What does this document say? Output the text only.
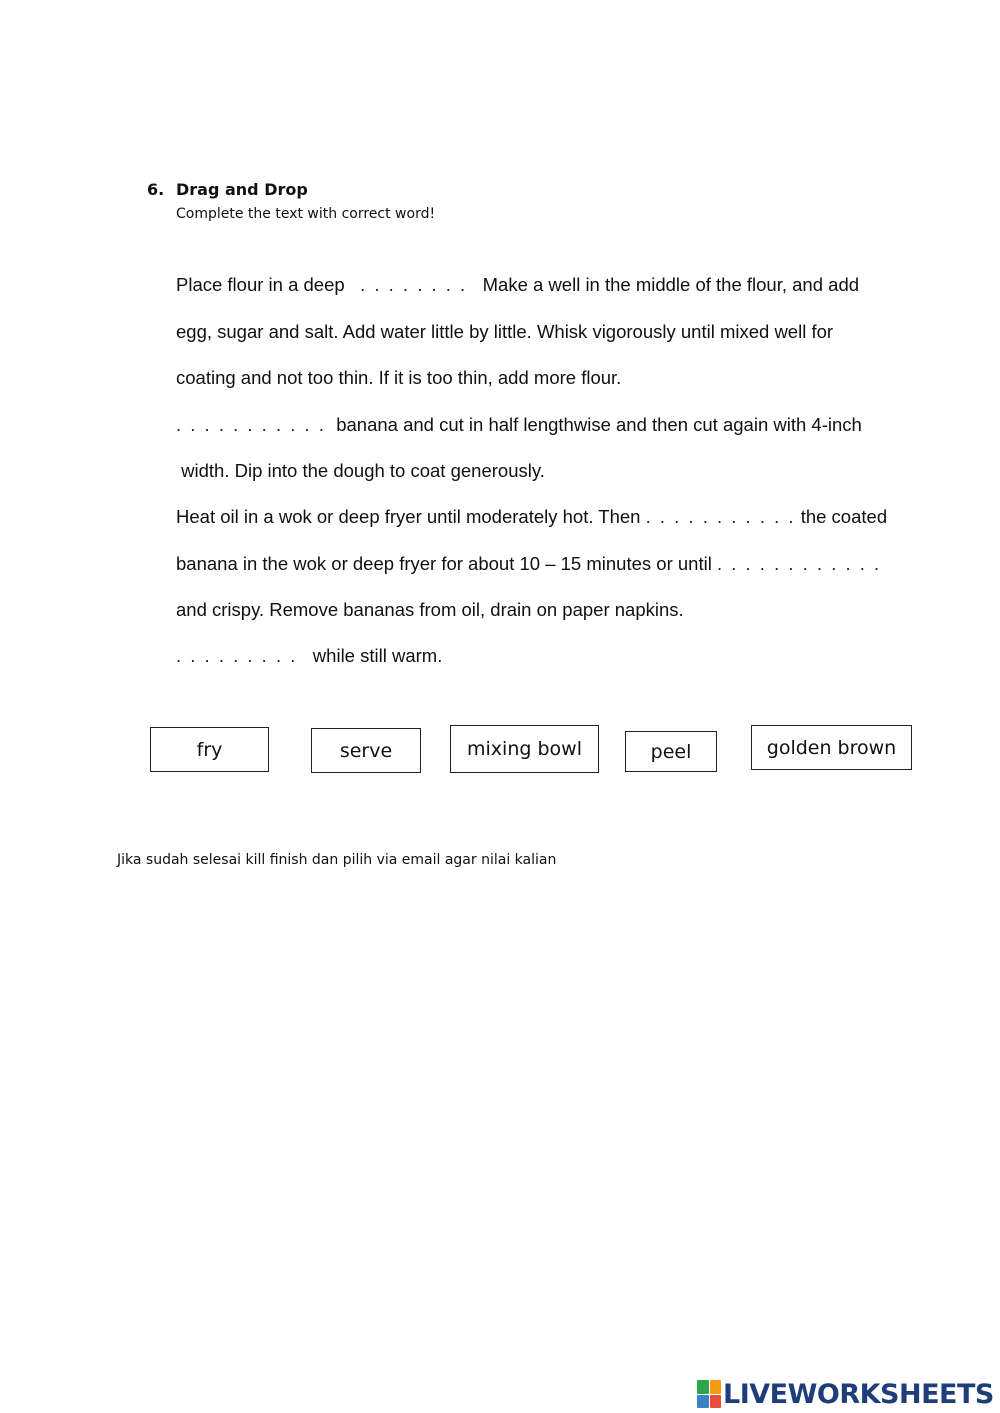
6. Drag and Drop
Complete the text with correct word!
Place flour in a deep   . . . . . . . .   Make a well in the middle of the flour, and add
egg, sugar and salt. Add water little by little. Whisk vigorously until mixed well for
coating and not too thin. If it is too thin, add more flour.
. . . . . . . . . . .  banana and cut in half lengthwise and then cut again with 4-inch
width. Dip into the dough to coat generously.
Heat oil in a wok or deep fryer until moderately hot. Then . . . . . . . . . . . the coated
banana in the wok or deep fryer for about 10 – 15 minutes or until . . . . . . . . . . . .
and crispy. Remove bananas from oil, drain on paper napkins.
. . . . . . . . .   while still warm.
fry	serve	mixing bowl	peel	golden brown
Jika sudah selesai kill finish dan pilih via email agar nilai kalian
LIVEWORKSHEETS
